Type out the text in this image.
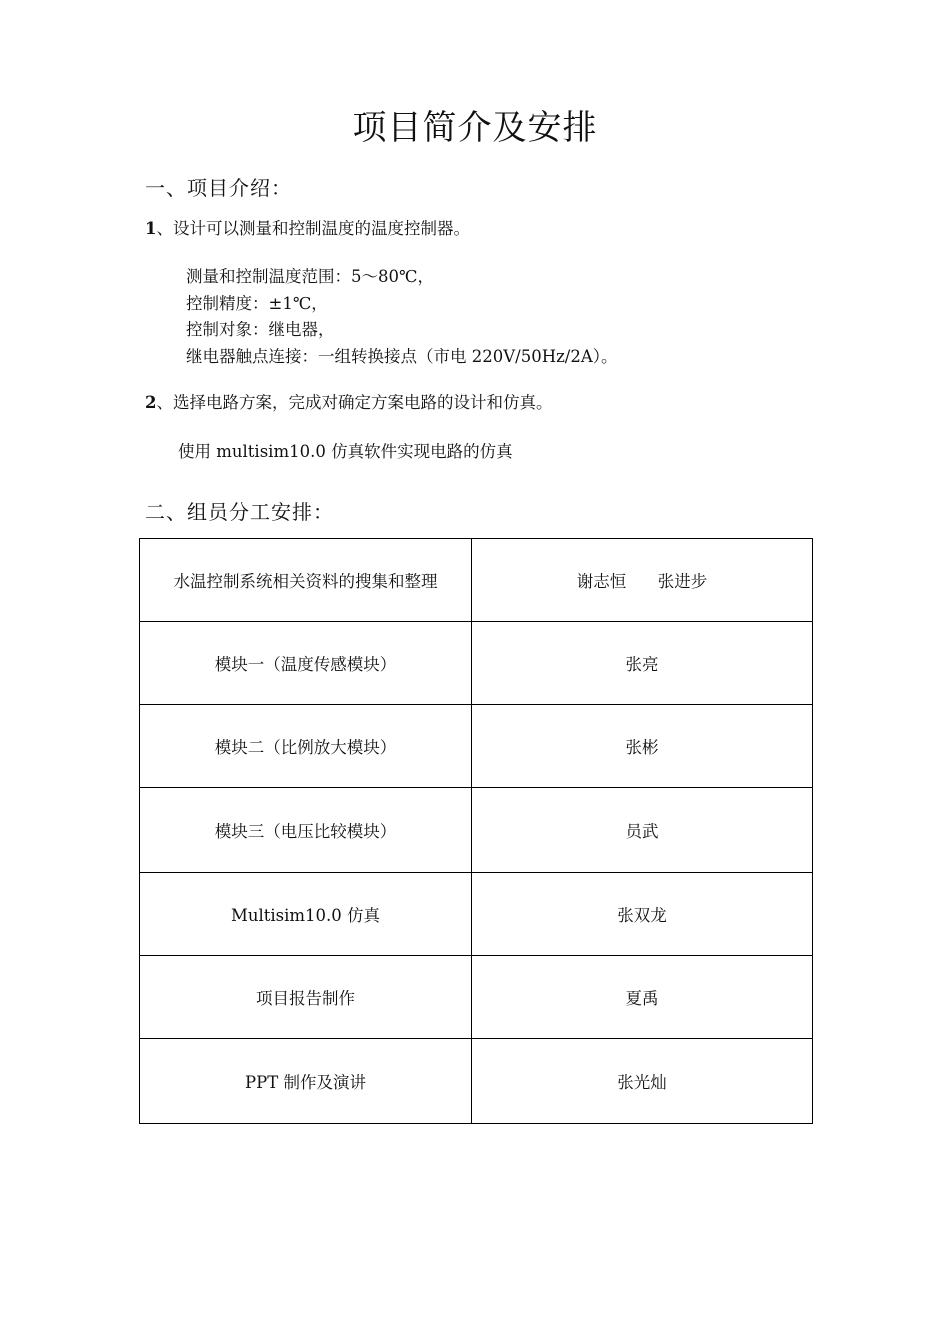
项目简介及安排
一、项目介绍：
1、设计可以测量和控制温度的温度控制器。
测量和控制温度范围：5～80℃，
控制精度：±1℃，
控制对象：继电器，
继电器触点连接：一组转换接点（市电 220V/50Hz/2A）。
2、选择电路方案，完成对确定方案电路的设计和仿真。
使用 multisim10.0 仿真软件实现电路的仿真
二、组员分工安排：
水温控制系统相关资料的搜集和整理	谢志恒      张进步
模块一（温度传感模块）	张亮
模块二（比例放大模块）	张彬
模块三（电压比较模块）	员武
Multisim10.0 仿真	张双龙
项目报告制作	夏禹
PPT 制作及演讲	张光灿
